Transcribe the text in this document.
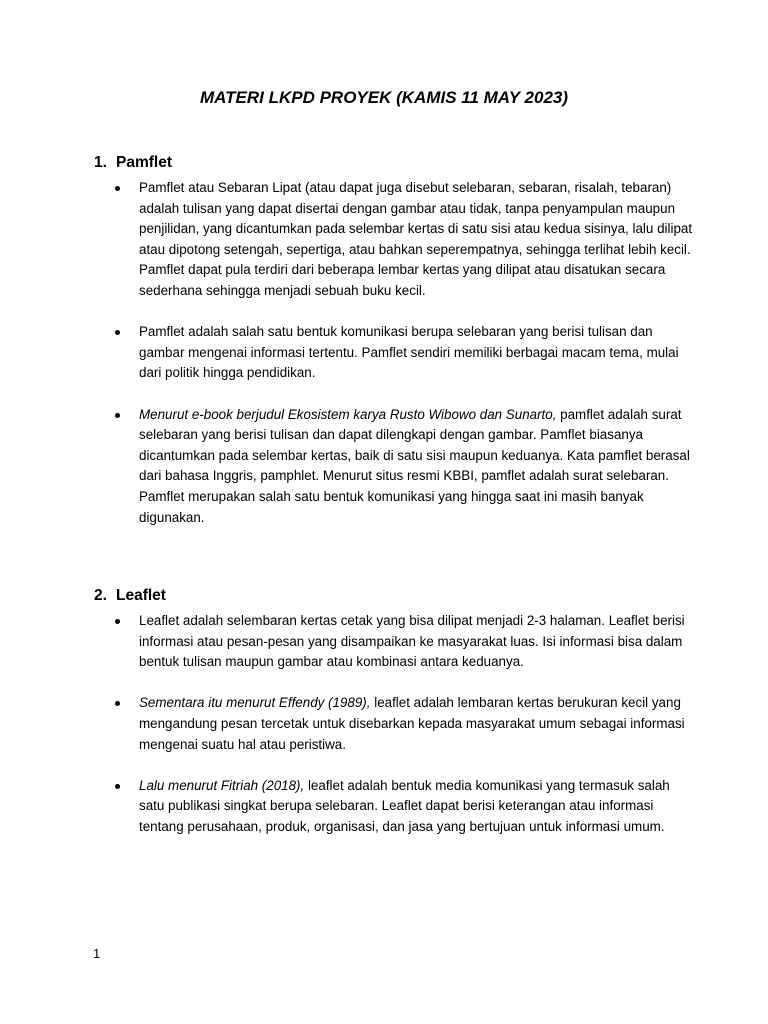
MATERI LKPD PROYEK (KAMIS 11 MAY 2023)
1. Pamflet
Pamflet atau Sebaran Lipat (atau dapat juga disebut selebaran, sebaran, risalah, tebaran) adalah tulisan yang dapat disertai dengan gambar atau tidak, tanpa penyampulan maupun penjilidan, yang dicantumkan pada selembar kertas di satu sisi atau kedua sisinya, lalu dilipat atau dipotong setengah, sepertiga, atau bahkan seperempatnya, sehingga terlihat lebih kecil. Pamflet dapat pula terdiri dari beberapa lembar kertas yang dilipat atau disatukan secara sederhana sehingga menjadi sebuah buku kecil.
Pamflet adalah salah satu bentuk komunikasi berupa selebaran yang berisi tulisan dan gambar mengenai informasi tertentu. Pamflet sendiri memiliki berbagai macam tema, mulai dari politik hingga pendidikan.
Menurut e-book berjudul Ekosistem karya Rusto Wibowo dan Sunarto, pamflet adalah surat selebaran yang berisi tulisan dan dapat dilengkapi dengan gambar. Pamflet biasanya dicantumkan pada selembar kertas, baik di satu sisi maupun keduanya. Kata pamflet berasal dari bahasa Inggris, pamphlet. Menurut situs resmi KBBI, pamflet adalah surat selebaran. Pamflet merupakan salah satu bentuk komunikasi yang hingga saat ini masih banyak digunakan.
2. Leaflet
Leaflet adalah selembaran kertas cetak yang bisa dilipat menjadi 2-3 halaman. Leaflet berisi informasi atau pesan-pesan yang disampaikan ke masyarakat luas. Isi informasi bisa dalam bentuk tulisan maupun gambar atau kombinasi antara keduanya.
Sementara itu menurut Effendy (1989), leaflet adalah lembaran kertas berukuran kecil yang mengandung pesan tercetak untuk disebarkan kepada masyarakat umum sebagai informasi mengenai suatu hal atau peristiwa.
Lalu menurut Fitriah (2018), leaflet adalah bentuk media komunikasi yang termasuk salah satu publikasi singkat berupa selebaran. Leaflet dapat berisi keterangan atau informasi tentang perusahaan, produk, organisasi, dan jasa yang bertujuan untuk informasi umum.
1
